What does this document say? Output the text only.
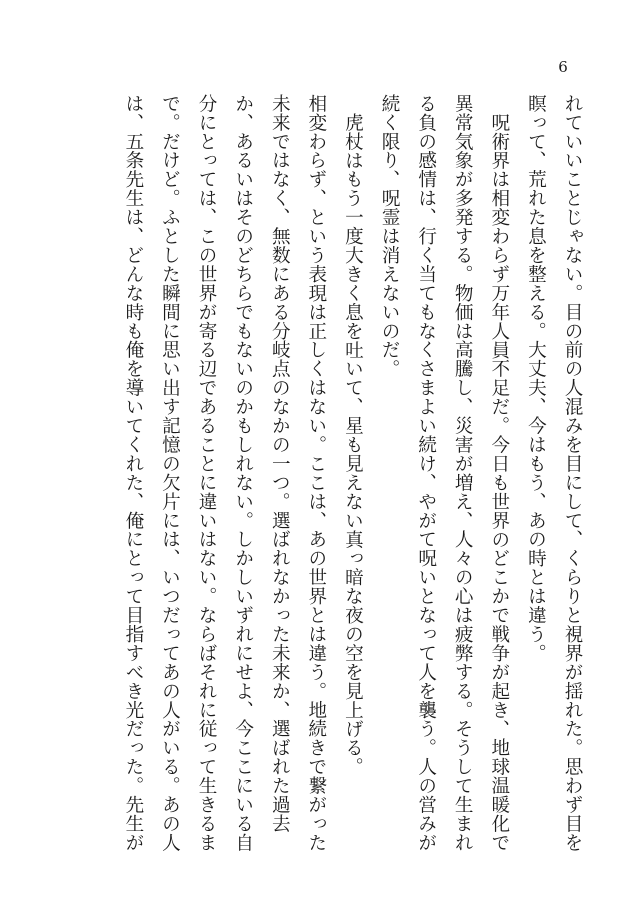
6

れていいことじゃない。目の前の人混みを目にして、くらりと視界が揺れた。思わず目を瞑って、荒れた息を整える。大丈夫、今はもう、あの時とは違う。

呪術界は相変わらず万年人員不足だ。今日も世界のどこかで戦争が起き、地球温暖化で異常気象が多発する。物価は高騰し、災害が増え、人々の心は疲弊する。そうして生まれる負の感情は、行く当てもなくさまよい続け、やがて呪いとなって人を襲う。人の営みが続く限り、呪霊は消えないのだ。

虎杖はもう一度大きく息を吐いて、星も見えない真っ暗な夜の空を見上げる。

相変わらず、という表現は正しくはない。ここは、あの世界とは違う。地続きで繋がった未来ではなく、無数にある分岐点のなかの一つ。選ばれなかった未来か、選ばれた過去か、あるいはそのどちらでもないのかもしれない。しかしいずれにせよ、今ここにいる自分にとっては、この世界が寄る辺であることに違いはない。ならばそれに従って生きるまで。だけど。ふとした瞬間に思い出す記憶の欠片には、いつだってあの人がいる。あの人は、五条先生は、どんな時も俺を導いてくれた、俺にとって目指すべき光だった。先生が
